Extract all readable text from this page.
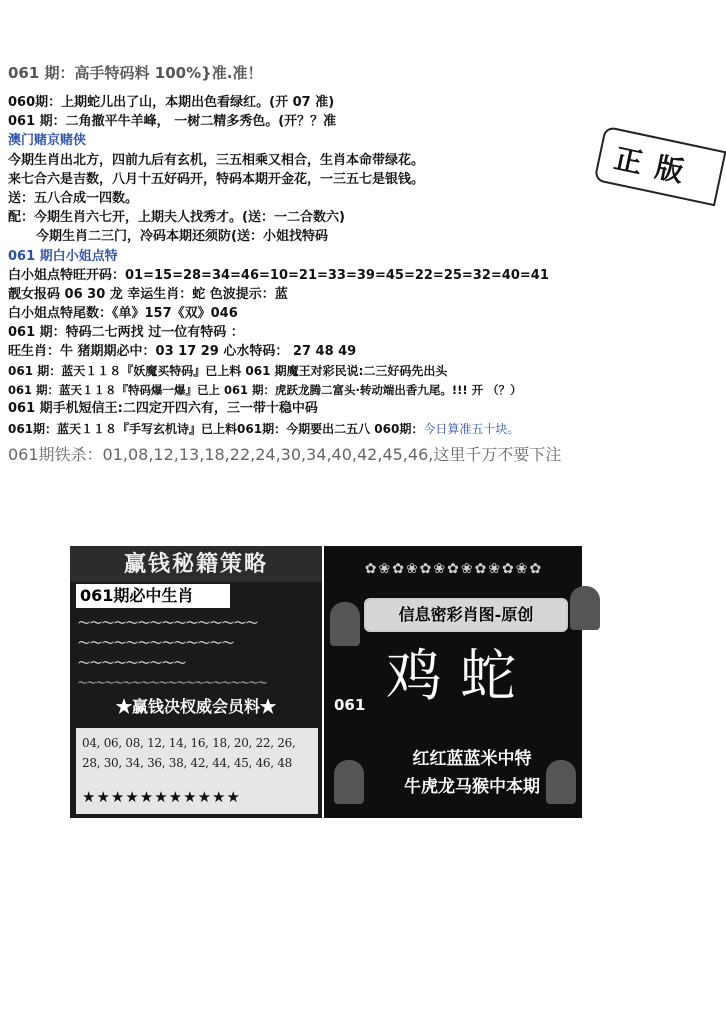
061 期：高手特码料 100%}准.准！
060期：上期蛇儿出了山，本期出色看绿红。(开 07 准)
061 期：二角撤平牛羊峰， 一树二精多秀色。(开？？准
澳门赌京赌侠
正版
今期生肖出北方，四前九后有玄机，三五相乘又相合，生肖本命带绿花。
来七合六是吉数，八月十五好码开，特码本期开金花，一三五七是银钱。
送：五八合成一四数。
配：今期生肖六七开，上期夫人找秀才。(送：一二合数六)
今期生肖二三门，冷码本期还须防(送：小姐找特码
061 期白小姐点特
白小姐点特旺开码：01=15=28=34=46=10=21=33=39=45=22=25=32=40=41
靓女报码 06 30 龙 幸运生肖：蛇 色波提示：蓝
白小姐点特尾数：《单》157《双》046
061 期：特码二七两找 过一位有特码 ：
旺生肖：牛 猪期期必中：03 17 29 心水特码： 27 48 49
061 期：蓝天１１８『妖魔买特码』已上料 061 期魔王对彩民说:二三好码先出头
061 期：蓝天１１８『特码爆一爆』已上 061 期：虎跃龙腾二富头·转动端出香九尾。!!! 开 （？）
061 期手机短信王:二四定开四六有，三一带十稳中码
061期：蓝天１１８『手写玄机诗』已上料061期：今期要出二五八 060期：今日算准五十块。
061期铁杀：01,08,12,13,18,22,24,30,34,40,42,45,46,这里千万不要下注
赢钱秘籍策略
061期必中生肖
～～～～～～～～～～～～～～～
～～～～～～～～～～～～～
～～～～～～～～～
～～～～～～～～～～～～～～～～～～～～～
★赢钱决杈威会员料★
04, 06, 08, 12, 14, 16, 18, 20, 22, 26,
28, 30, 34, 36, 38, 42, 44, 45, 46, 48
★★★★★★★★★★★
✿❀✿❀✿❀✿❀✿❀✿❀✿
信息密彩肖图-原创
061 鸡蛇
红红蓝蓝米中特
牛虎龙马猴中本期
